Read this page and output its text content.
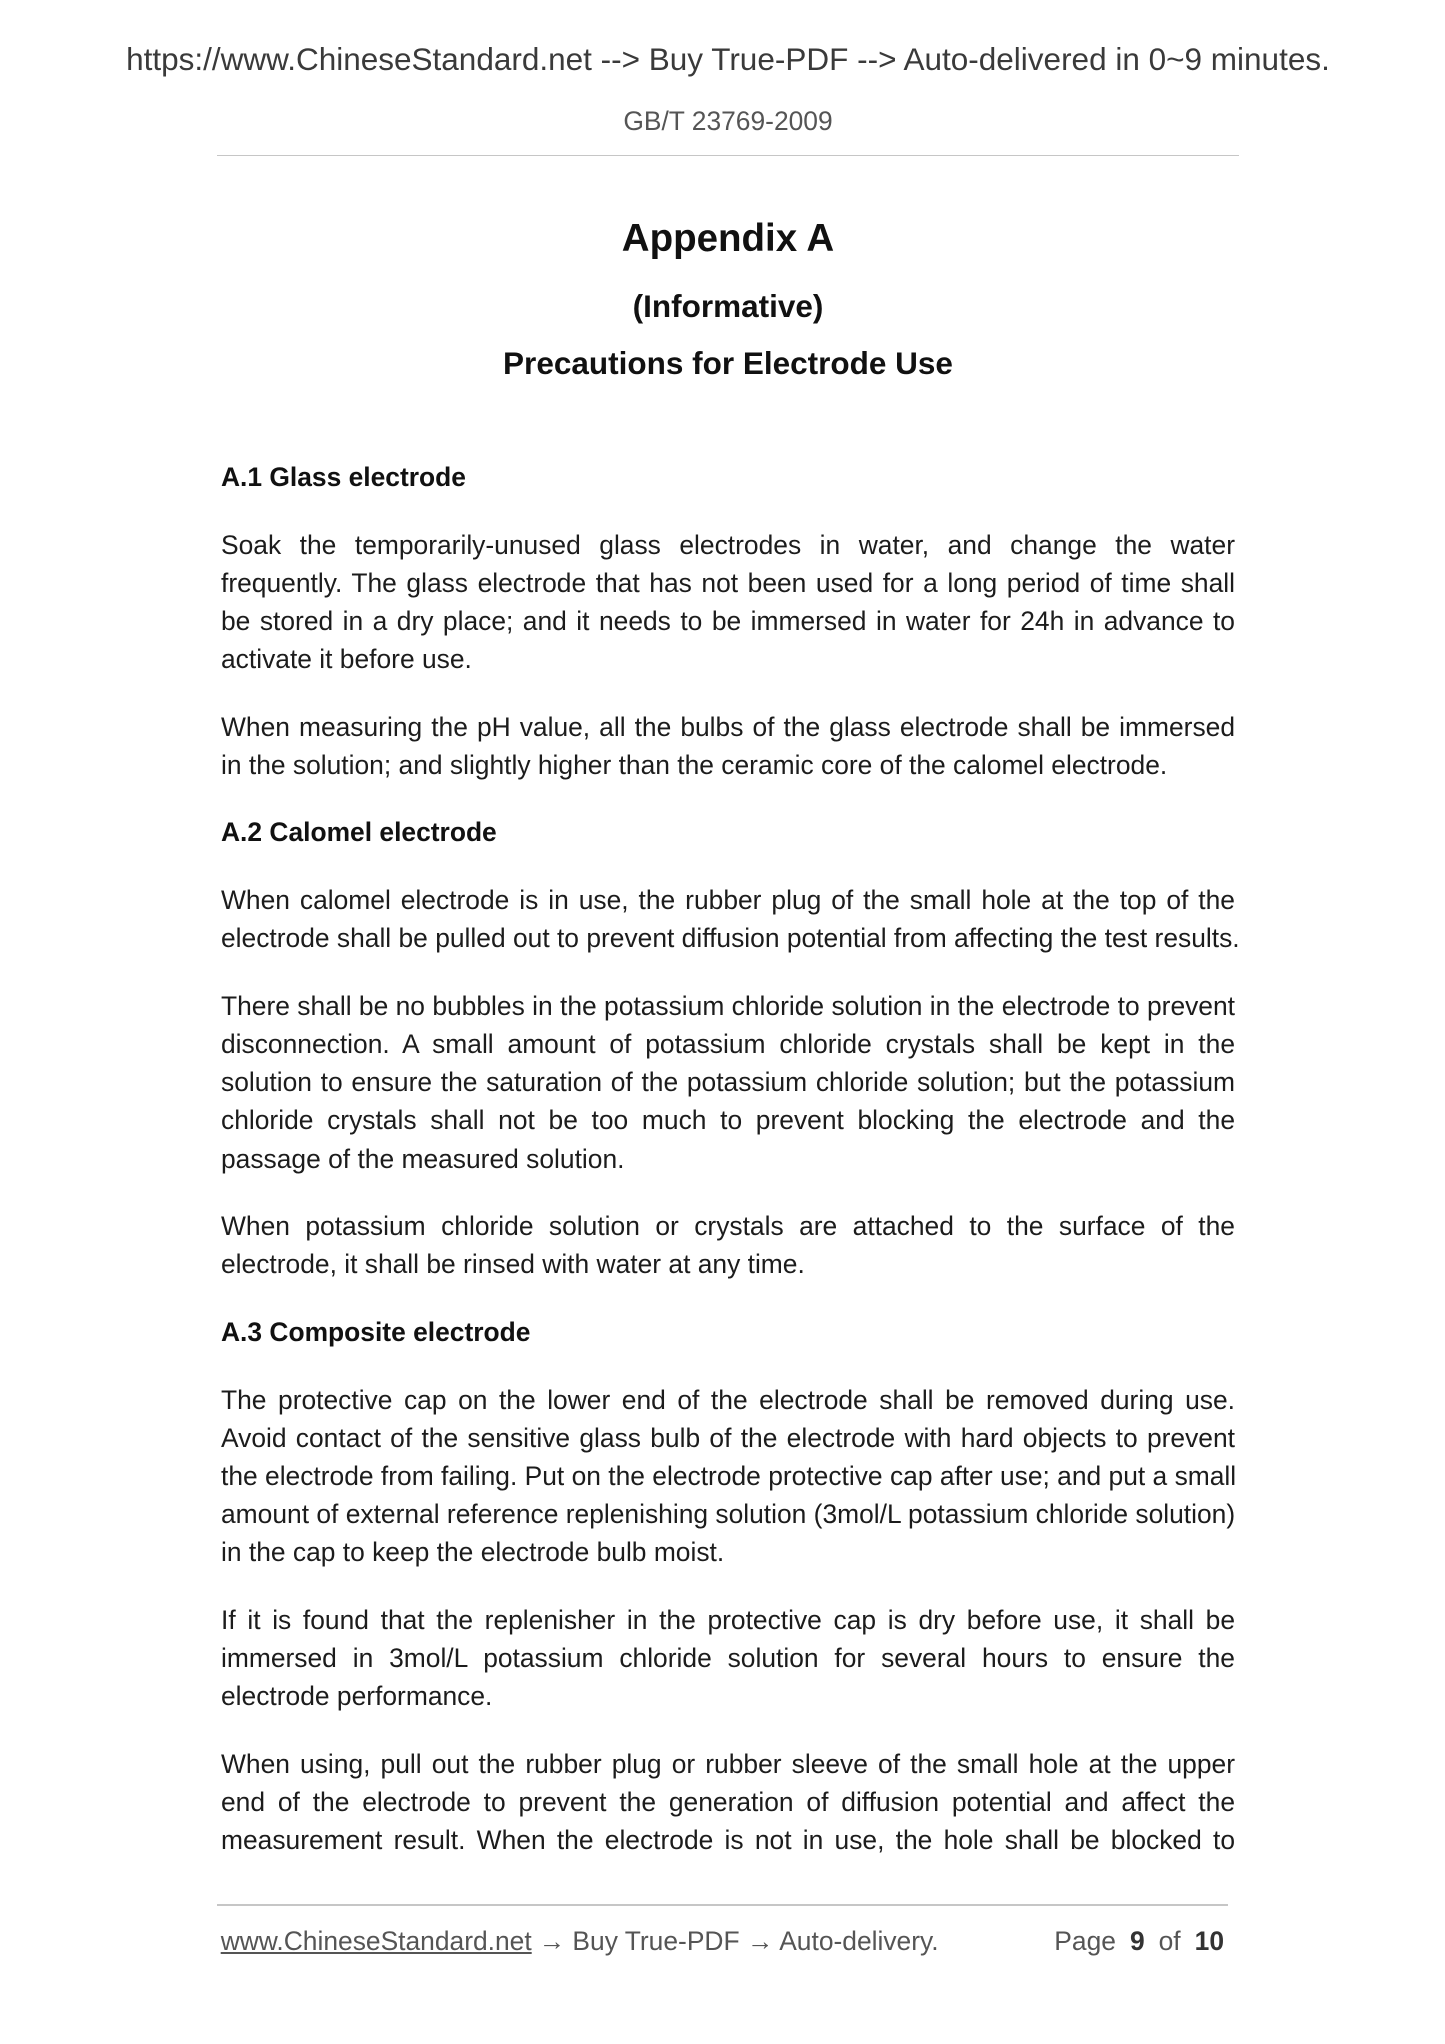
https://www.ChineseStandard.net --> Buy True-PDF --> Auto-delivered in 0~9 minutes.
GB/T 23769-2009
Appendix A
(Informative)
Precautions for Electrode Use
A.1 Glass electrode
Soak the temporarily-unused glass electrodes in water, and change the water
frequently. The glass electrode that has not been used for a long period of time shall
be stored in a dry place; and it needs to be immersed in water for 24h in advance to
activate it before use.
When measuring the pH value, all the bulbs of the glass electrode shall be immersed
in the solution; and slightly higher than the ceramic core of the calomel electrode.
A.2 Calomel electrode
When calomel electrode is in use, the rubber plug of the small hole at the top of the
electrode shall be pulled out to prevent diffusion potential from affecting the test results.
There shall be no bubbles in the potassium chloride solution in the electrode to prevent
disconnection. A small amount of potassium chloride crystals shall be kept in the
solution to ensure the saturation of the potassium chloride solution; but the potassium
chloride crystals shall not be too much to prevent blocking the electrode and the
passage of the measured solution.
When potassium chloride solution or crystals are attached to the surface of the
electrode, it shall be rinsed with water at any time.
A.3 Composite electrode
The protective cap on the lower end of the electrode shall be removed during use.
Avoid contact of the sensitive glass bulb of the electrode with hard objects to prevent
the electrode from failing. Put on the electrode protective cap after use; and put a small
amount of external reference replenishing solution (3mol/L potassium chloride solution)
in the cap to keep the electrode bulb moist.
If it is found that the replenisher in the protective cap is dry before use, it shall be
immersed in 3mol/L potassium chloride solution for several hours to ensure the
electrode performance.
When using, pull out the rubber plug or rubber sleeve of the small hole at the upper
end of the electrode to prevent the generation of diffusion potential and affect the
measurement result. When the electrode is not in use, the hole shall be blocked to
www.ChineseStandard.net → Buy True-PDF → Auto-delivery.	Page 9 of 10
